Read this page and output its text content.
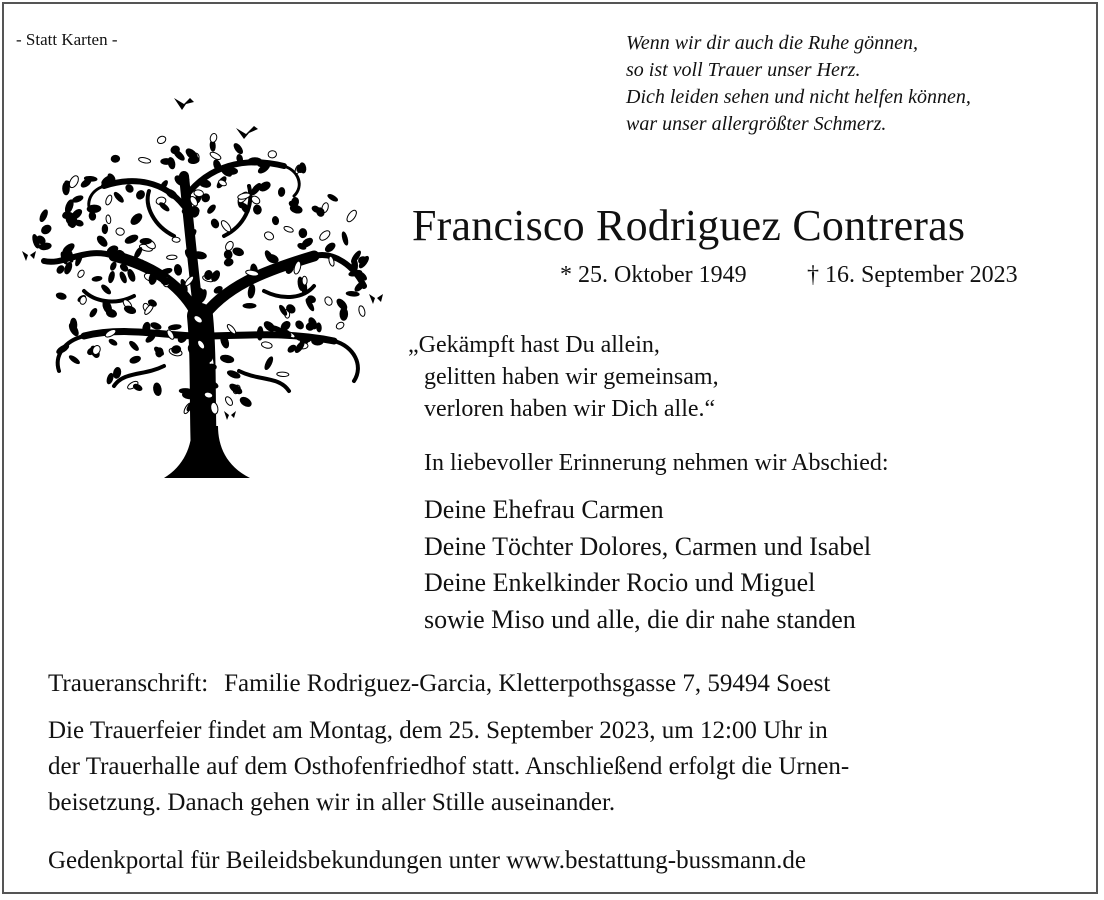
- Statt Karten -	Wenn wir dir auch die Ruhe gönnen,
so ist voll Trauer unser Herz.
Dich leiden sehen und nicht helfen können,
war unser allergrößter Schmerz.
Francisco Rodriguez Contreras
* 25. Oktober 1949	† 16. September 2023
„Gekämpft hast Du allein,
gelitten haben wir gemeinsam,
verloren haben wir Dich alle.“
In liebevoller Erinnerung nehmen wir Abschied:
Deine Ehefrau Carmen
Deine Töchter Dolores, Carmen und Isabel
Deine Enkelkinder Rocio und Miguel
sowie Miso und alle, die dir nahe standen
Traueranschrift: Familie Rodriguez-Garcia, Kletterpothsgasse 7, 59494 Soest
Die Trauerfeier findet am Montag, dem 25. September 2023, um 12:00 Uhr in
der Trauerhalle auf dem Osthofenfriedhof statt. Anschließend erfolgt die Urnen-
beisetzung. Danach gehen wir in aller Stille auseinander.
Gedenkportal für Beileidsbekundungen unter www.bestattung-bussmann.de
